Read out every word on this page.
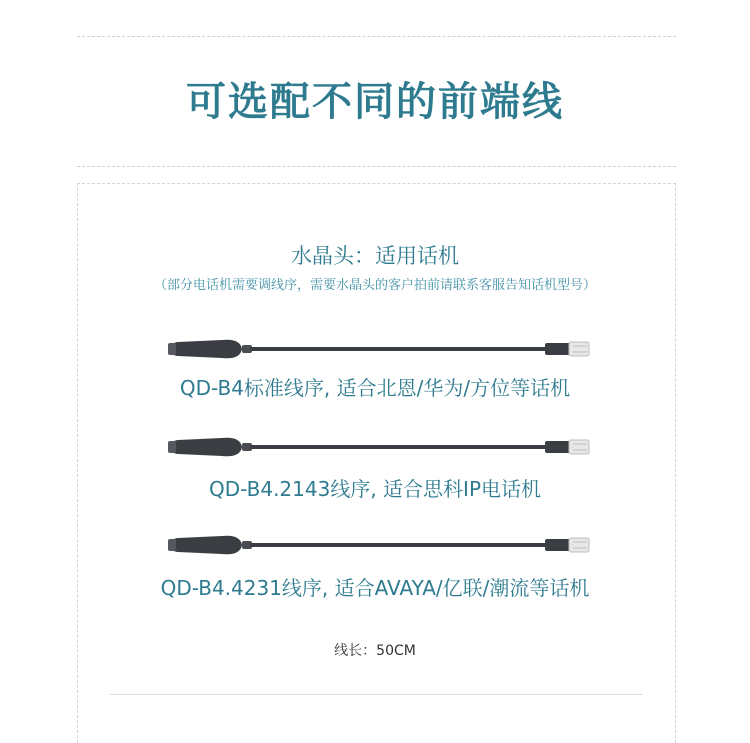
可选配不同的前端线
水晶头：适用话机
（部分电话机需要调线序，需要水晶头的客户拍前请联系客服告知话机型号）
QD-B4标准线序, 适合北恩/华为/方位等话机
QD-B4.2143线序, 适合思科IP电话机
QD-B4.4231线序, 适合AVAYA/亿联/潮流等话机
线长：50CM
